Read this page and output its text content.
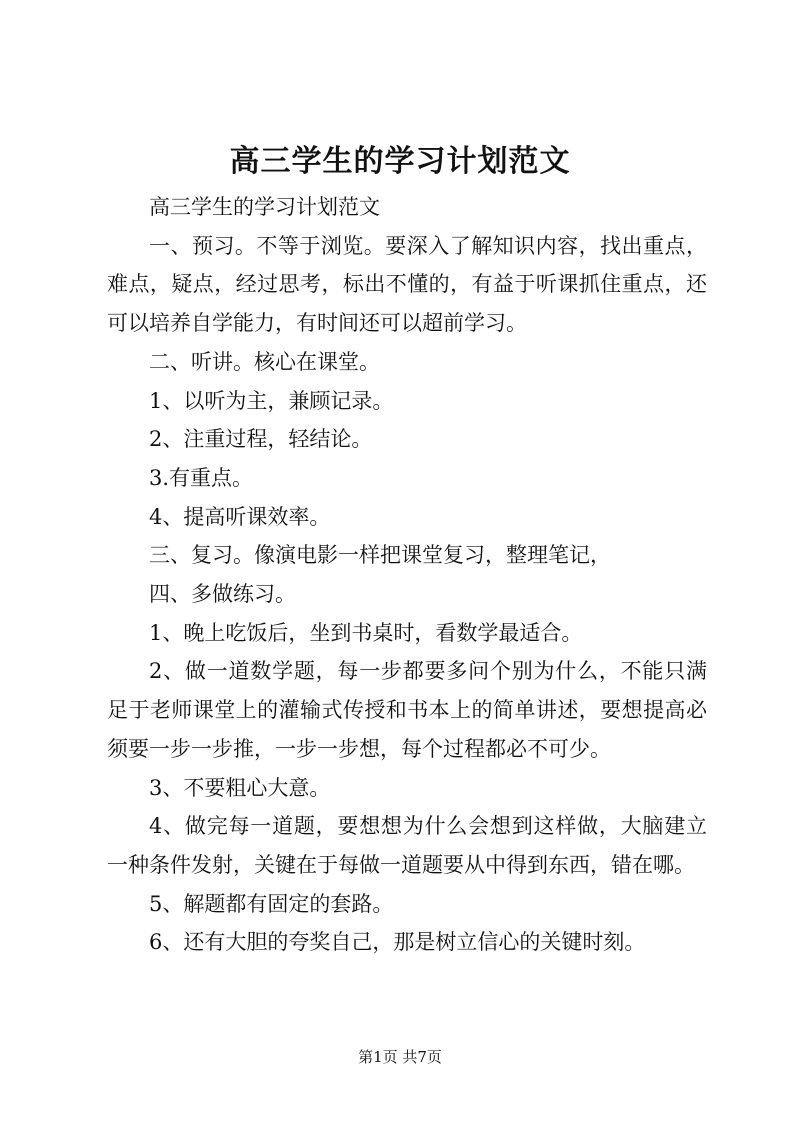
高三学生的学习计划范文

高三学生的学习计划范文

一、预习。不等于浏览。要深入了解知识内容，找出重点，难点，疑点，经过思考，标出不懂的，有益于听课抓住重点，还可以培养自学能力，有时间还可以超前学习。

二、听讲。核心在课堂。

1、以听为主，兼顾记录。

2、注重过程，轻结论。

3.有重点。

4、提高听课效率。

三、复习。像演电影一样把课堂复习，整理笔记，

四、多做练习。

1、晚上吃饭后，坐到书桌时，看数学最适合。

2、做一道数学题，每一步都要多问个别为什么，不能只满足于老师课堂上的灌输式传授和书本上的简单讲述，要想提高必须要一步一步推，一步一步想，每个过程都必不可少。

3、不要粗心大意。

4、做完每一道题，要想想为什么会想到这样做，大脑建立一种条件发射，关键在于每做一道题要从中得到东西，错在哪。

5、解题都有固定的套路。

6、还有大胆的夸奖自己，那是树立信心的关键时刻。

第1页 共7页
